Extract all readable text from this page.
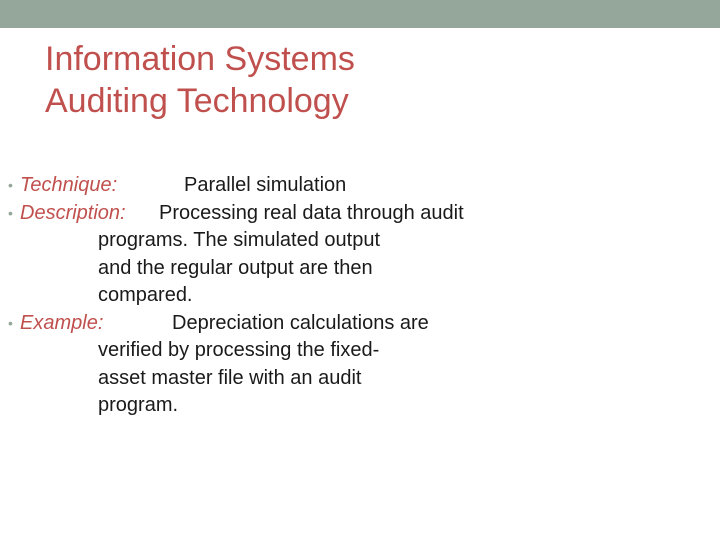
Information Systems
Auditing Technology
• Technique:	Parallel simulation
• Description: Processing real data through audit
programs. The simulated output
and the regular output are then
compared.
• Example:	Depreciation calculations are
verified by processing the fixed-
asset master file with an audit
program.
